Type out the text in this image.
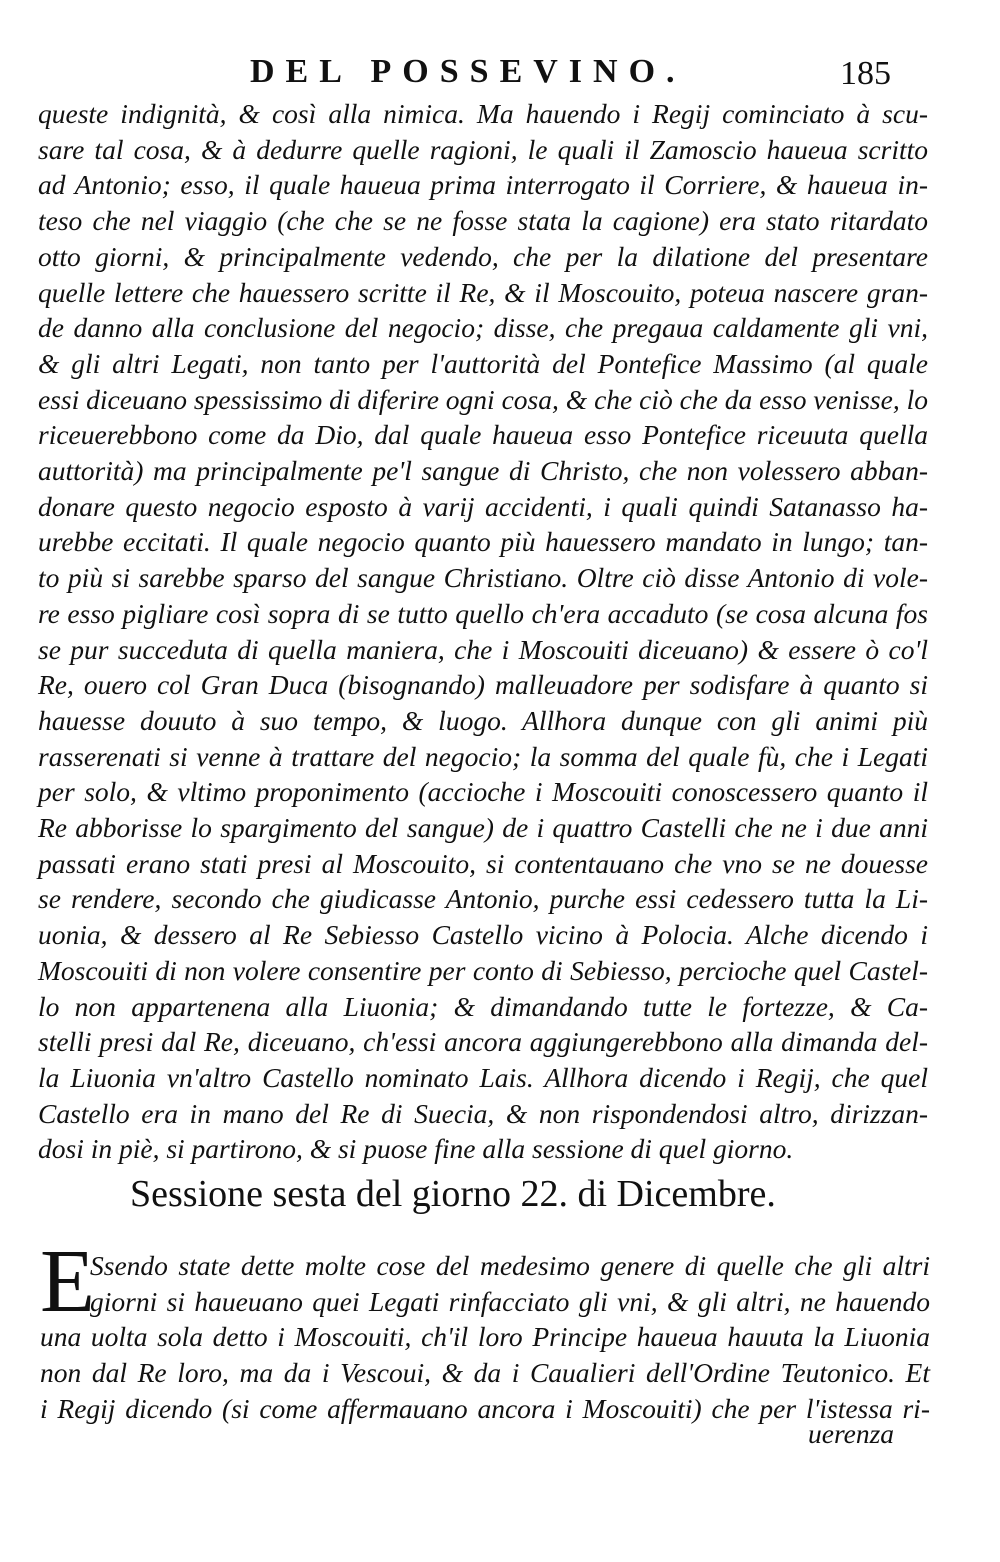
DEL POSSEVINO.	185
queste indignità, & così alla nimica. Ma hauendo i Regij cominciato à scu-
sare tal cosa, & à dedurre quelle ragioni, le quali il Zamoscio haueua scritto
ad Antonio; esso, il quale haueua prima interrogato il Corriere, & haueua in-
teso che nel viaggio (che che se ne fosse stata la cagione) era stato ritardato
otto giorni, & principalmente vedendo, che per la dilatione del presentare
quelle lettere che hauessero scritte il Re, & il Moscouito, poteua nascere gran-
de danno alla conclusione del negocio; disse, che pregaua caldamente gli vni,
& gli altri Legati, non tanto per l'auttorità del Pontefice Massimo (al quale
essi diceuano spessissimo di diferire ogni cosa, & che ciò che da esso venisse, lo
riceuerebbono come da Dio, dal quale haueua esso Pontefice riceuuta quella
auttorità) ma principalmente pe'l sangue di Christo, che non volessero abban-
donare questo negocio esposto à varij accidenti, i quali quindi Satanasso ha-
urebbe eccitati. Il quale negocio quanto più hauessero mandato in lungo; tan-
to più si sarebbe sparso del sangue Christiano. Oltre ciò disse Antonio di vole-
re esso pigliare così sopra di se tutto quello ch'era accaduto (se cosa alcuna fos
se pur succeduta di quella maniera, che i Moscouiti diceuano) & essere ò co'l
Re, ouero col Gran Duca (bisognando) malleuadore per sodisfare à quanto si
hauesse douuto à suo tempo, & luogo. Allhora dunque con gli animi più
rasserenati si venne à trattare del negocio; la somma del quale fù, che i Legati
per solo, & vltimo proponimento (accioche i Moscouiti conoscessero quanto il
Re abborisse lo spargimento del sangue) de i quattro Castelli che ne i due anni
passati erano stati presi al Moscouito, si contentauano che vno se ne douesse
se rendere, secondo che giudicasse Antonio, purche essi cedessero tutta la Li-
uonia, & dessero al Re Sebiesso Castello vicino à Polocia. Alche dicendo i
Moscouiti di non volere consentire per conto di Sebiesso, percioche quel Castel-
lo non appartenena alla Liuonia; & dimandando tutte le fortezze, & Ca-
stelli presi dal Re, diceuano, ch'essi ancora aggiungerebbono alla dimanda del-
la Liuonia vn'altro Castello nominato Lais. Allhora dicendo i Regij, che quel
Castello era in mano del Re di Suecia, & non rispondendosi altro, dirizzan-
dosi in piè, si partirono, & si puose fine alla sessione di quel giorno.
Sessione sesta del giorno 22. di Dicembre.
E
Ssendo state dette molte cose del medesimo genere di quelle che gli altri
giorni si haueuano quei Legati rinfacciato gli vni, & gli altri, ne hauendo
una uolta sola detto i Moscouiti, ch'il loro Principe haueua hauuta la Liuonia
non dal Re loro, ma da i Vescoui, & da i Caualieri dell'Ordine Teutonico. Et
i Regij dicendo (si come affermauano ancora i Moscouiti) che per l'istessa ri-
uerenza
